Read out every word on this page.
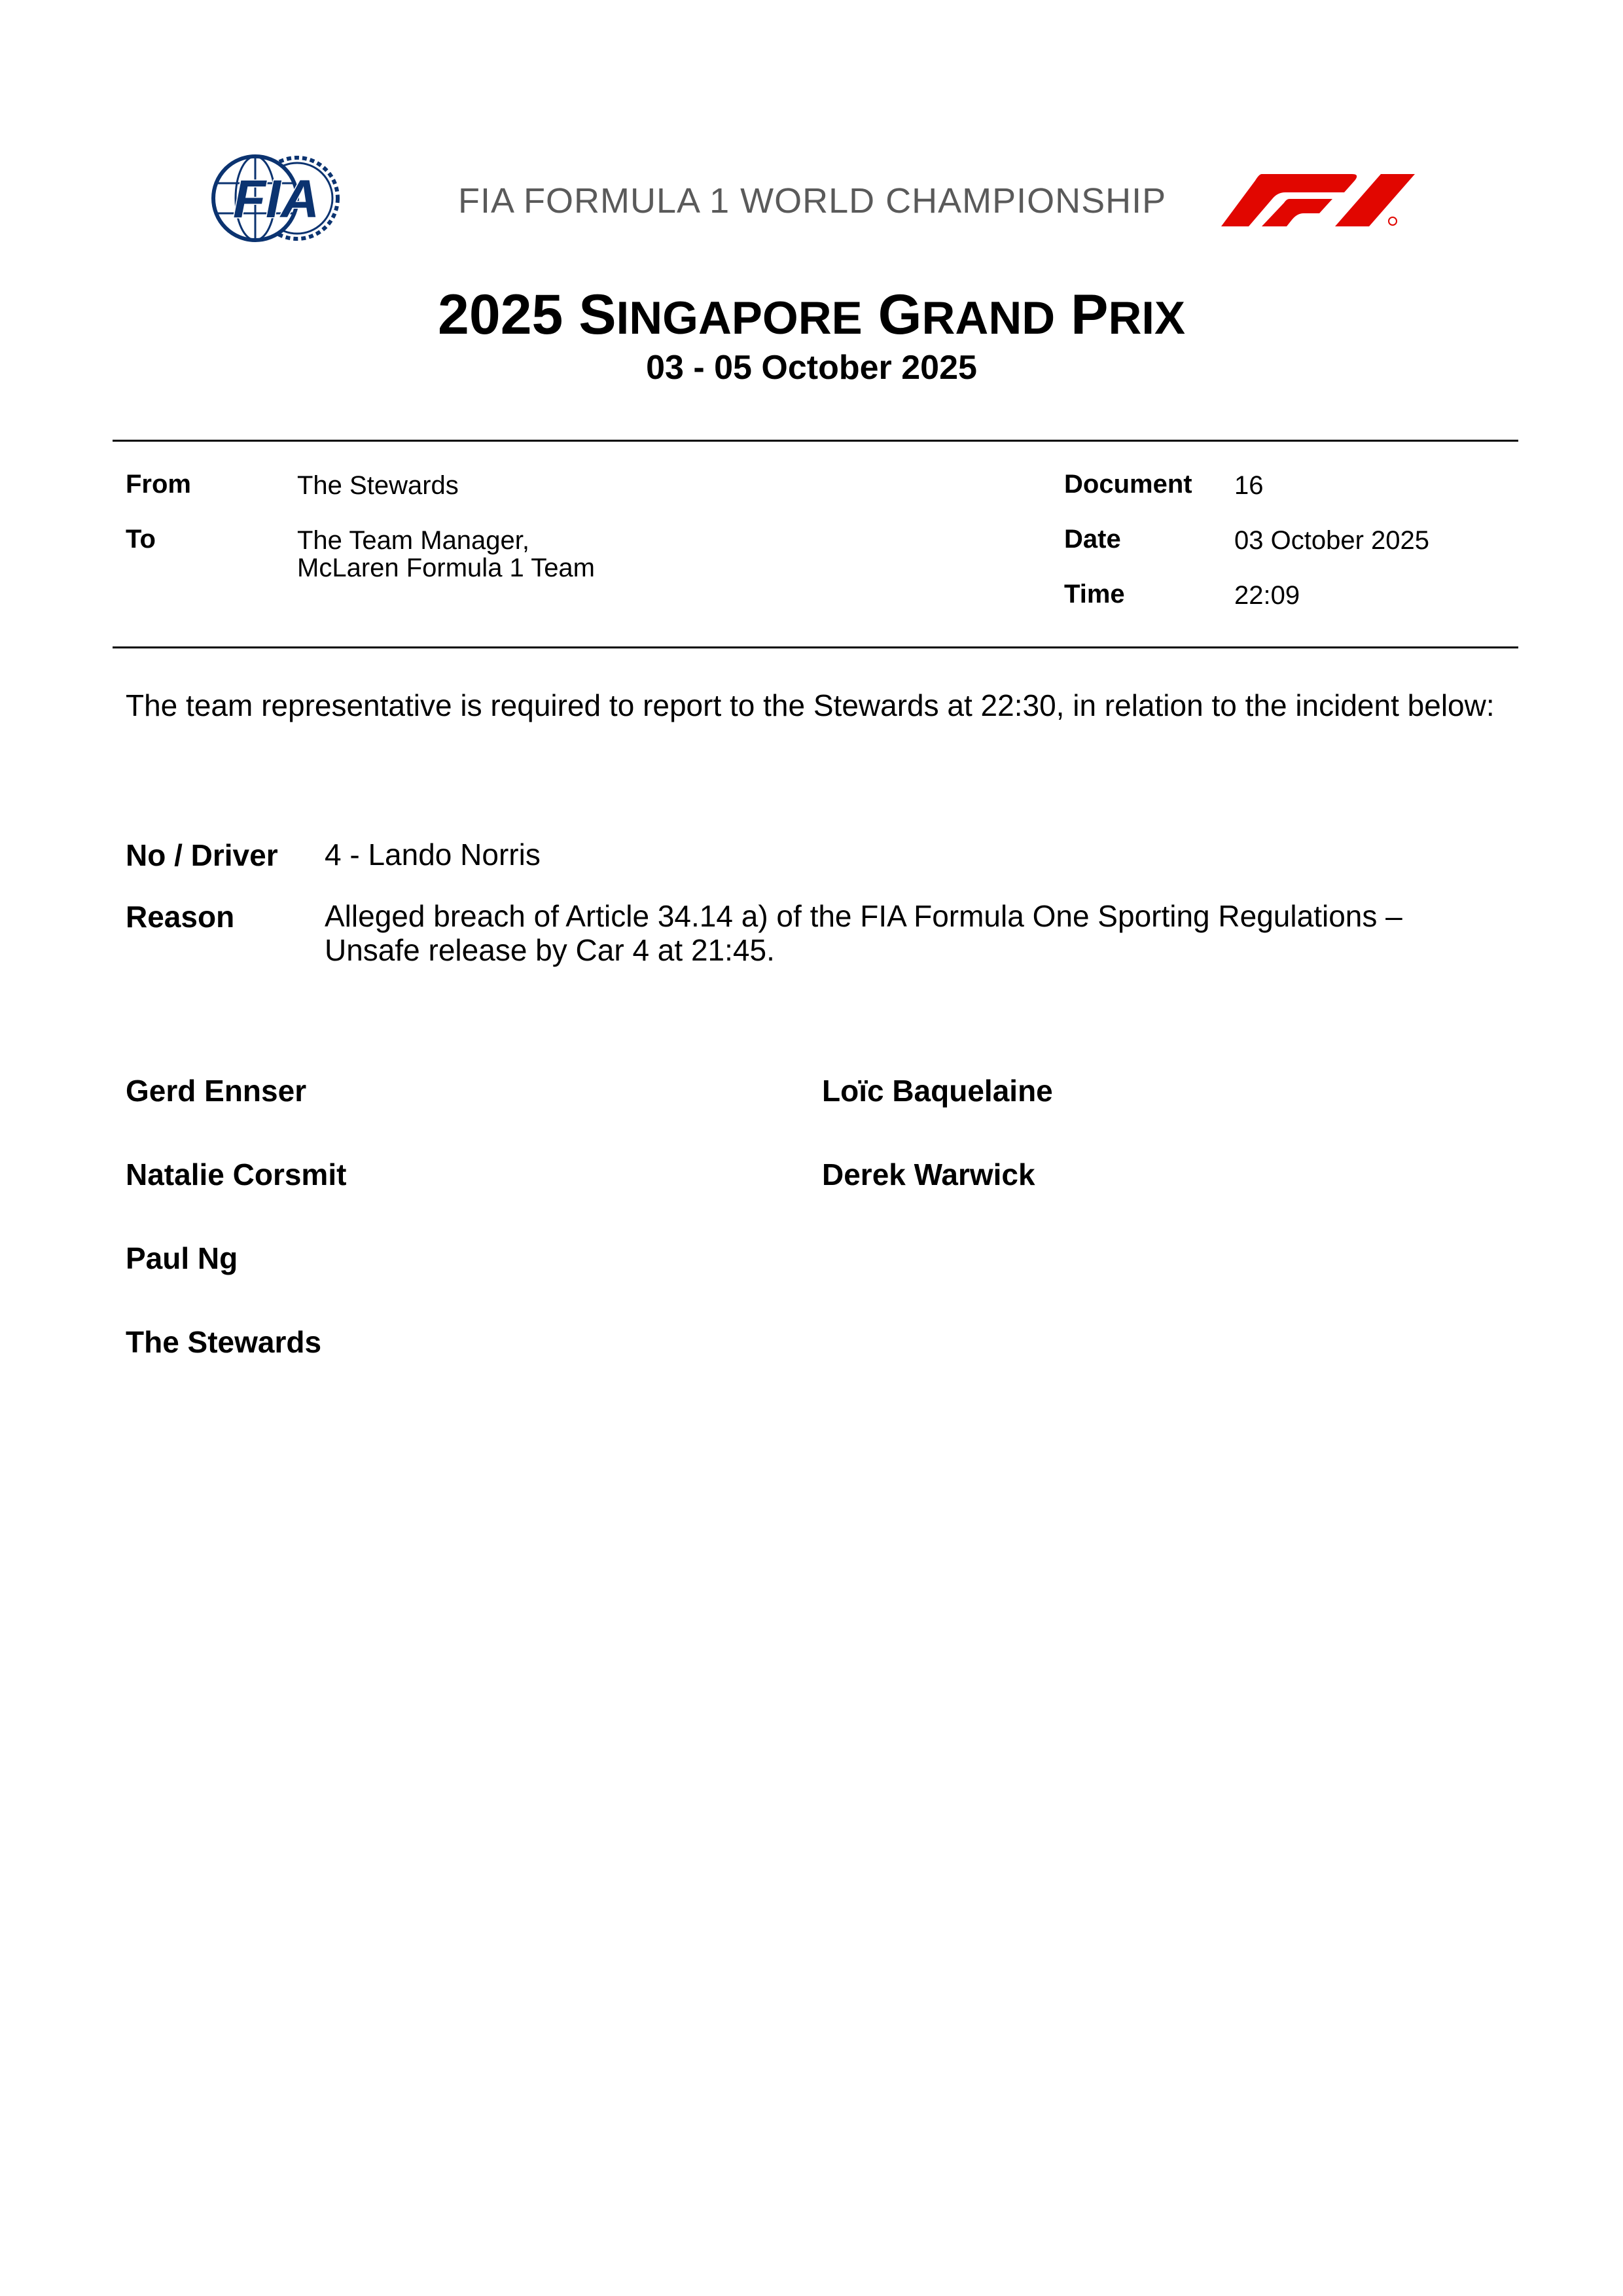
FIA	FIA FORMULA 1 WORLD CHAMPIONSHIP
2025 SINGAPORE GRAND PRIX
03 - 05 October 2025
From	The Stewards
To	The Team Manager,
McLaren Formula 1 Team
Document 16
Date	03 October 2025
Time	22:09
The team representative is required to report to the Stewards at 22:30, in relation to the incident below:
No / Driver 4 - Lando Norris
Reason	Alleged breach of Article 34.14 a) of the FIA Formula One Sporting Regulations – Unsafe release by Car 4 at 21:45.
Gerd Ennser
Natalie Corsmit
Paul Ng
The Stewards
Loïc Baquelaine
Derek Warwick
